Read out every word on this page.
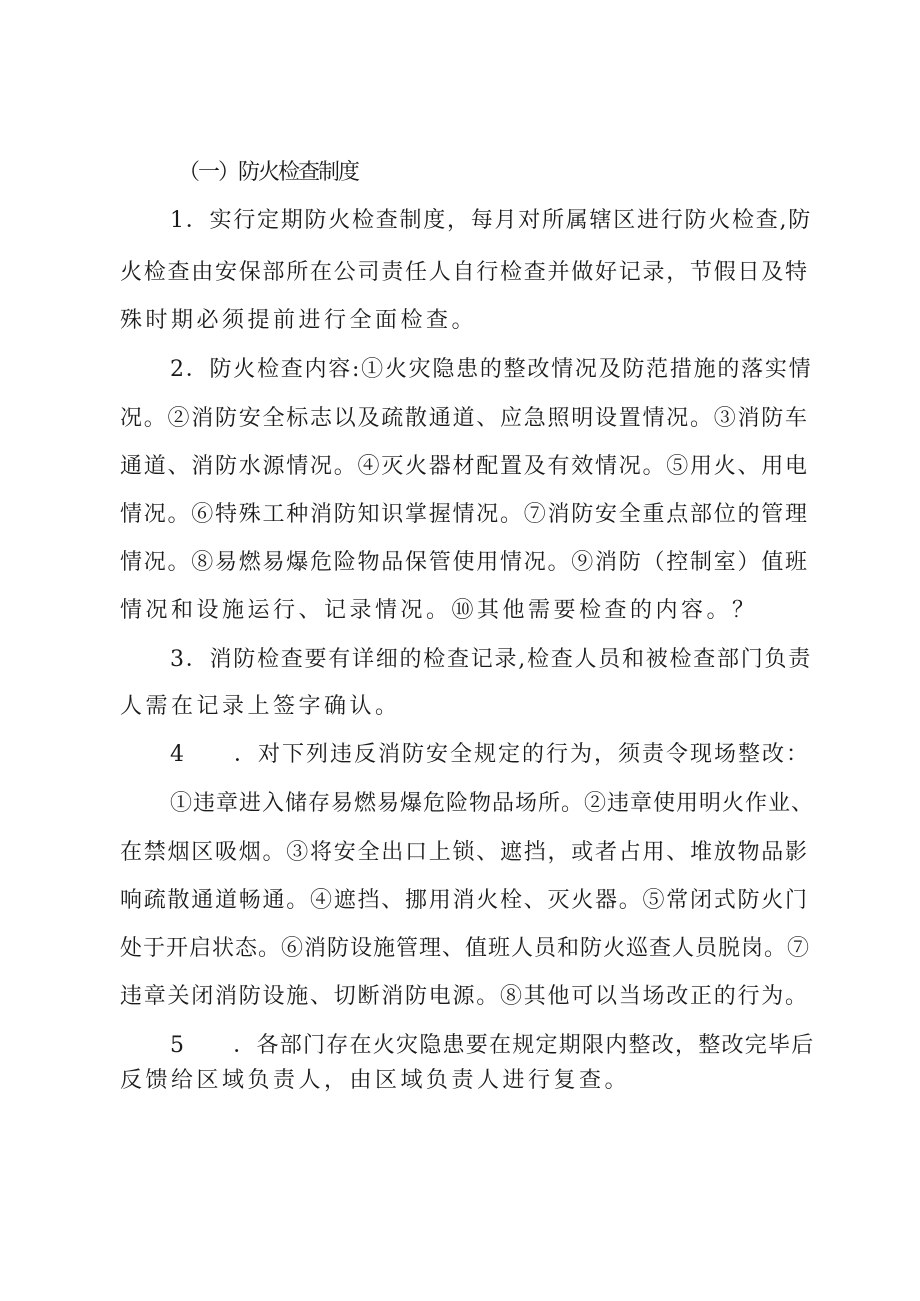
（一）防火检查制度
1．实行定期防火检查制度，每月对所属辖区进行防火检查,防
火检查由安保部所在公司责任人自行检查并做好记录，节假日及特
殊时期必须提前进行全面检查。
2．防火检查内容:①火灾隐患的整改情况及防范措施的落实情
况。②消防安全标志以及疏散通道、应急照明设置情况。③消防车
通道、消防水源情况。④灭火器材配置及有效情况。⑤用火、用电
情况。⑥特殊工种消防知识掌握情况。⑦消防安全重点部位的管理
情况。⑧易燃易爆危险物品保管使用情况。⑨消防（控制室）值班
情况和设施运行、记录情况。⑩其他需要检查的内容。？
3．消防检查要有详细的检查记录,检查人员和被检查部门负责
人需在记录上签字确认。
4 ．对下列违反消防安全规定的行为，须责令现场整改：
①违章进入储存易燃易爆危险物品场所。②违章使用明火作业、
在禁烟区吸烟。③将安全出口上锁、遮挡，或者占用、堆放物品影
响疏散通道畅通。④遮挡、挪用消火栓、灭火器。⑤常闭式防火门
处于开启状态。⑥消防设施管理、值班人员和防火巡查人员脱岗。⑦
违章关闭消防设施、切断消防电源。⑧其他可以当场改正的行为。
5 ．各部门存在火灾隐患要在规定期限内整改，整改完毕后
反馈给区域负责人，由区域负责人进行复查。
